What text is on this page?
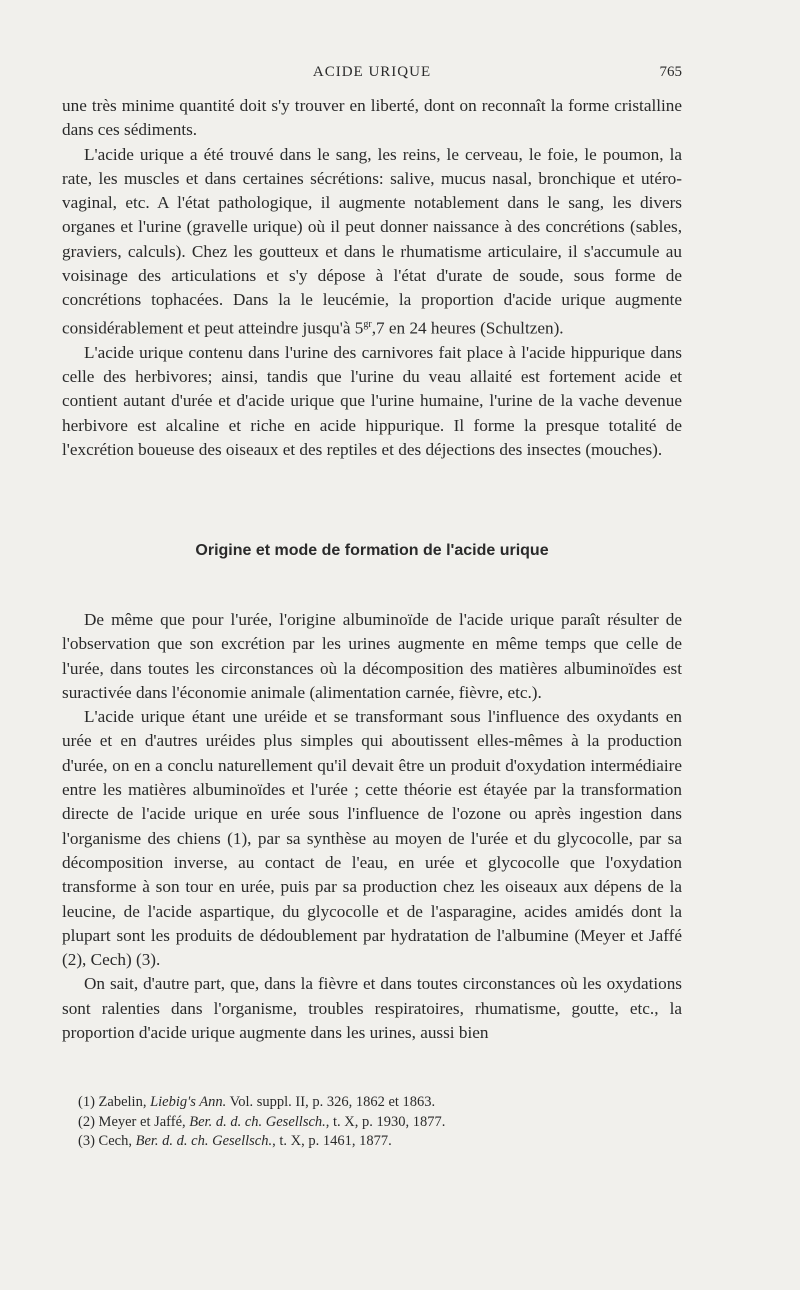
ACIDE URIQUE	765

une très minime quantité doit s'y trouver en liberté, dont on reconnaît la forme cristalline dans ces sédiments.

L'acide urique a été trouvé dans le sang, les reins, le cerveau, le foie, le poumon, la rate, les muscles et dans certaines sécrétions: salive, mucus nasal, bronchique et utéro-vaginal, etc. A l'état pathologique, il augmente notablement dans le sang, les divers organes et l'urine (gravelle urique) où il peut donner naissance à des concrétions (sables, graviers, calculs). Chez les goutteux et dans le rhumatisme articulaire, il s'accumule au voisinage des articulations et s'y dépose à l'état d'urate de soude, sous forme de concrétions tophacées. Dans la le leucémie, la proportion d'acide urique augmente considérablement et peut atteindre jusqu'à $5^{gr},7$ en 24 heures (Schultzen).

L'acide urique contenu dans l'urine des carnivores fait place à l'acide hippurique dans celle des herbivores; ainsi, tandis que l'urine du veau allaité est fortement acide et contient autant d'urée et d'acide urique que l'urine humaine, l'urine de la vache devenue herbivore est alcaline et riche en acide hippurique. Il forme la presque totalité de l'excrétion boueuse des oiseaux et des reptiles et des déjections des insectes (mouches).

Origine et mode de formation de l'acide urique

De même que pour l'urée, l'origine albuminoïde de l'acide urique paraît résulter de l'observation que son excrétion par les urines augmente en même temps que celle de l'urée, dans toutes les circonstances où la décomposition des matières albuminoïdes est suractivée dans l'économie animale (alimentation carnée, fièvre, etc.).

L'acide urique étant une uréide et se transformant sous l'influence des oxydants en urée et en d'autres uréides plus simples qui aboutissent elles-mêmes à la production d'urée, on en a conclu naturellement qu'il devait être un produit d'oxydation intermédiaire entre les matières albuminoïdes et l'urée ; cette théorie est étayée par la transformation directe de l'acide urique en urée sous l'influence de l'ozone ou après ingestion dans l'organisme des chiens (1), par sa synthèse au moyen de l'urée et du glycocolle, par sa décomposition inverse, au contact de l'eau, en urée et glycocolle que l'oxydation transforme à son tour en urée, puis par sa production chez les oiseaux aux dépens de la leucine, de l'acide aspartique, du glycocolle et de l'asparagine, acides amidés dont la plupart sont les produits de dédoublement par hydratation de l'albumine (Meyer et Jaffé (2), Cech) (3).

On sait, d'autre part, que, dans la fièvre et dans toutes circonstances où les oxydations sont ralenties dans l'organisme, troubles respiratoires, rhumatisme, goutte, etc., la proportion d'acide urique augmente dans les urines, aussi bien

(1) Zabelin, Liebig's Ann. Vol. suppl. II, p. 326, 1862 et 1863.

(2) Meyer et Jaffé, Ber. d. d. ch. Gesellsch., t. X, p. 1930, 1877.

(3) Cech, Ber. d. d. ch. Gesellsch., t. X, p. 1461, 1877.
